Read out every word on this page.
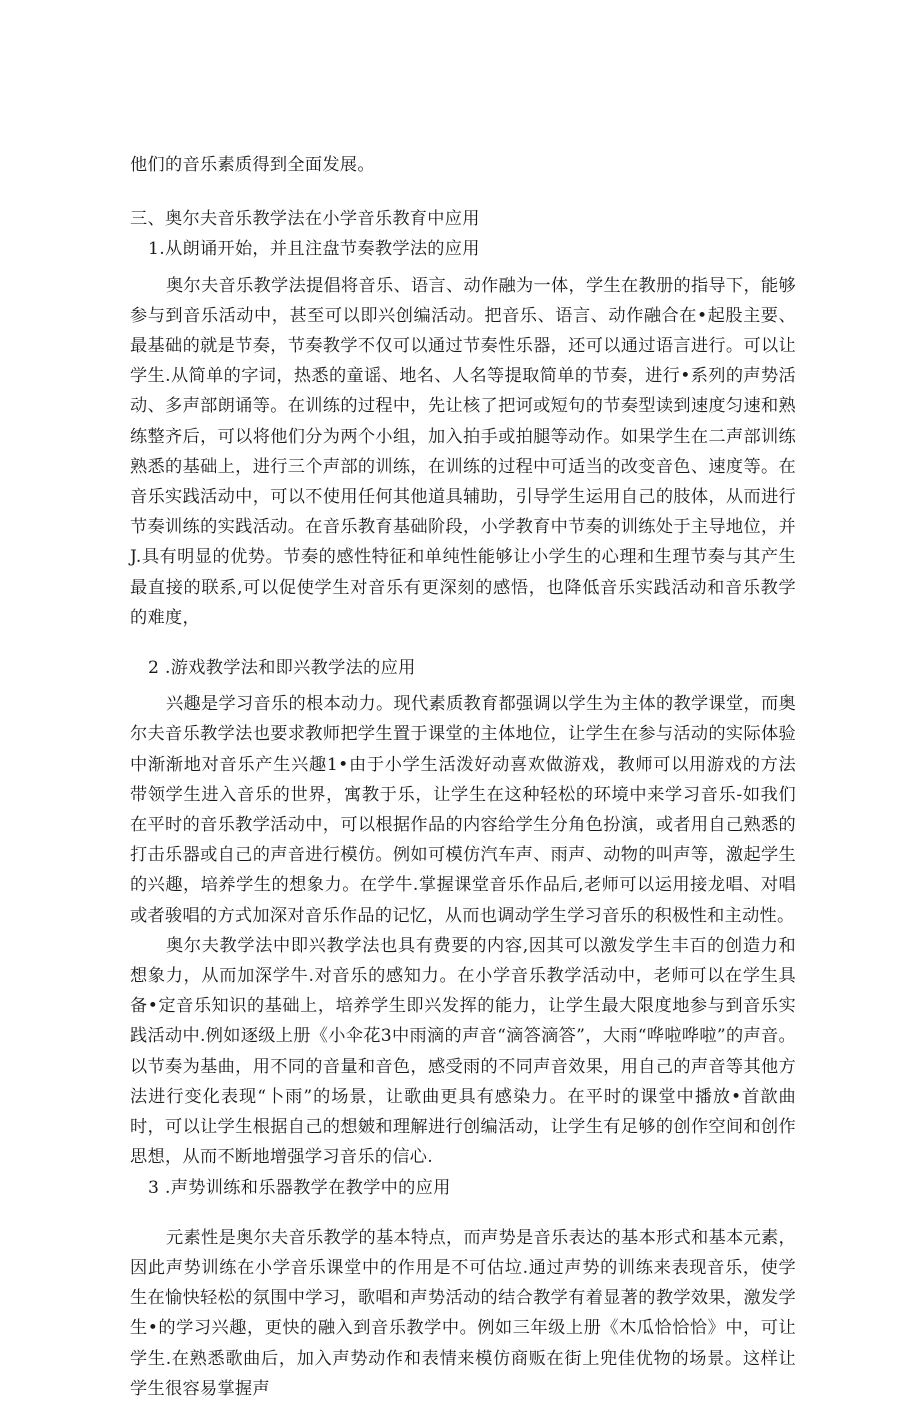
他们的音乐素质得到全面发展。

三、奥尔夫音乐教学法在小学音乐教育中应用

1.从朗诵开始，并且注盘节奏教学法的应用

奥尔夫音乐教学法提倡将音乐、语言、动作融为一体，学生在教册的指导下，能够参与到音乐活动中，甚至可以即兴创编活动。把音乐、语言、动作融合在•起股主要、最基础的就是节奏，节奏教学不仅可以通过节奏性乐器，还可以通过语言进行。可以让学生.从简单的字词，热悉的童谣、地名、人名等提取简单的节奏，进行•系列的声势活动、多声部朗诵等。在训练的过程中，先让核了把诃或短句的节奏型读到速度匀速和熟练整齐后，可以将他们分为两个小组，加入拍手或拍腿等动作。如果学生在二声部训练熟悉的基础上，进行三个声部的训练，在训练的过程中可适当的改变音色、速度等。在音乐实践活动中，可以不使用任何其他道具辅助，引导学生运用自己的肢体，从而进行节奏训练的实践活动。在音乐教育基础阶段，小学教育中节奏的训练处于主导地位，并J.具有明显的优势。节奏的感性特征和单纯性能够让小学生的心理和生理节奏与其产生最直接的联系,可以促使学生对音乐有更深刻的感悟，也降低音乐实践活动和音乐教学的难度，

2 .游戏教学法和即兴教学法的应用

兴趣是学习音乐的根本动力。现代素质教育都强调以学生为主体的教学课堂，而奥尔夫音乐教学法也要求教师把学生置于课堂的主体地位，让学生在参与活动的实际体验中渐渐地对音乐产生兴趣1•由于小学生活泼好动喜欢做游戏，教师可以用游戏的方法带领学生进入音乐的世界，寓教于乐，让学生在这种轻松的环境中来学习音乐-如我们在平时的音乐教学活动中，可以根据作品的内容给学生分角色扮演，或者用自己熟悉的打击乐器或自己的声音进行模仿。例如可模仿汽车声、雨声、动物的叫声等，激起学生的兴趣，培养学生的想象力。在学牛.掌握课堂音乐作品后,老师可以运用接龙唱、对唱或者骏唱的方式加深对音乐作品的记忆，从而也调动学生学习音乐的积极性和主动性。

奥尔夫教学法中即兴教学法也具有费要的内容,因其可以激发学生丰百的创造力和想象力，从而加深学牛.对音乐的感知力。在小学音乐教学活动中，老师可以在学生具备•定音乐知识的基础上，培养学生即兴发挥的能力，让学生最大限度地参与到音乐实践活动中.例如逐级上册《小伞花3中雨滴的声音“滴答滴答”，大雨“哗啦哗啦”的声音。以节奏为基曲，用不同的音量和音色，感受雨的不同声音效果，用自己的声音等其他方法进行变化表现“卜雨”的场景，让歌曲更具有感染力。在平时的课堂中播放•首歆曲时，可以让学生根据自己的想皴和理解进行创编活动，让学生有足够的创作空间和创作思想，从而不断地增强学习音乐的信心.

3 .声势训练和乐器教学在教学中的应用

元素性是奥尔夫音乐教学的基本特点，而声势是音乐表达的基本形式和基本元素，因此声势训练在小学音乐课堂中的作用是不可估垃.通过声势的训练来表现音乐，使学生在愉快轻松的氛围中学习，歌唱和声势活动的结合教学有着显著的教学效果，激发学生•的学习兴趣，更快的融入到音乐教学中。例如三年级上册《木瓜恰恰恰》中，可让学生.在熟悉歌曲后，加入声势动作和表情来模仿商贩在街上兜佳优物的场景。这样让学生很容易掌握声
